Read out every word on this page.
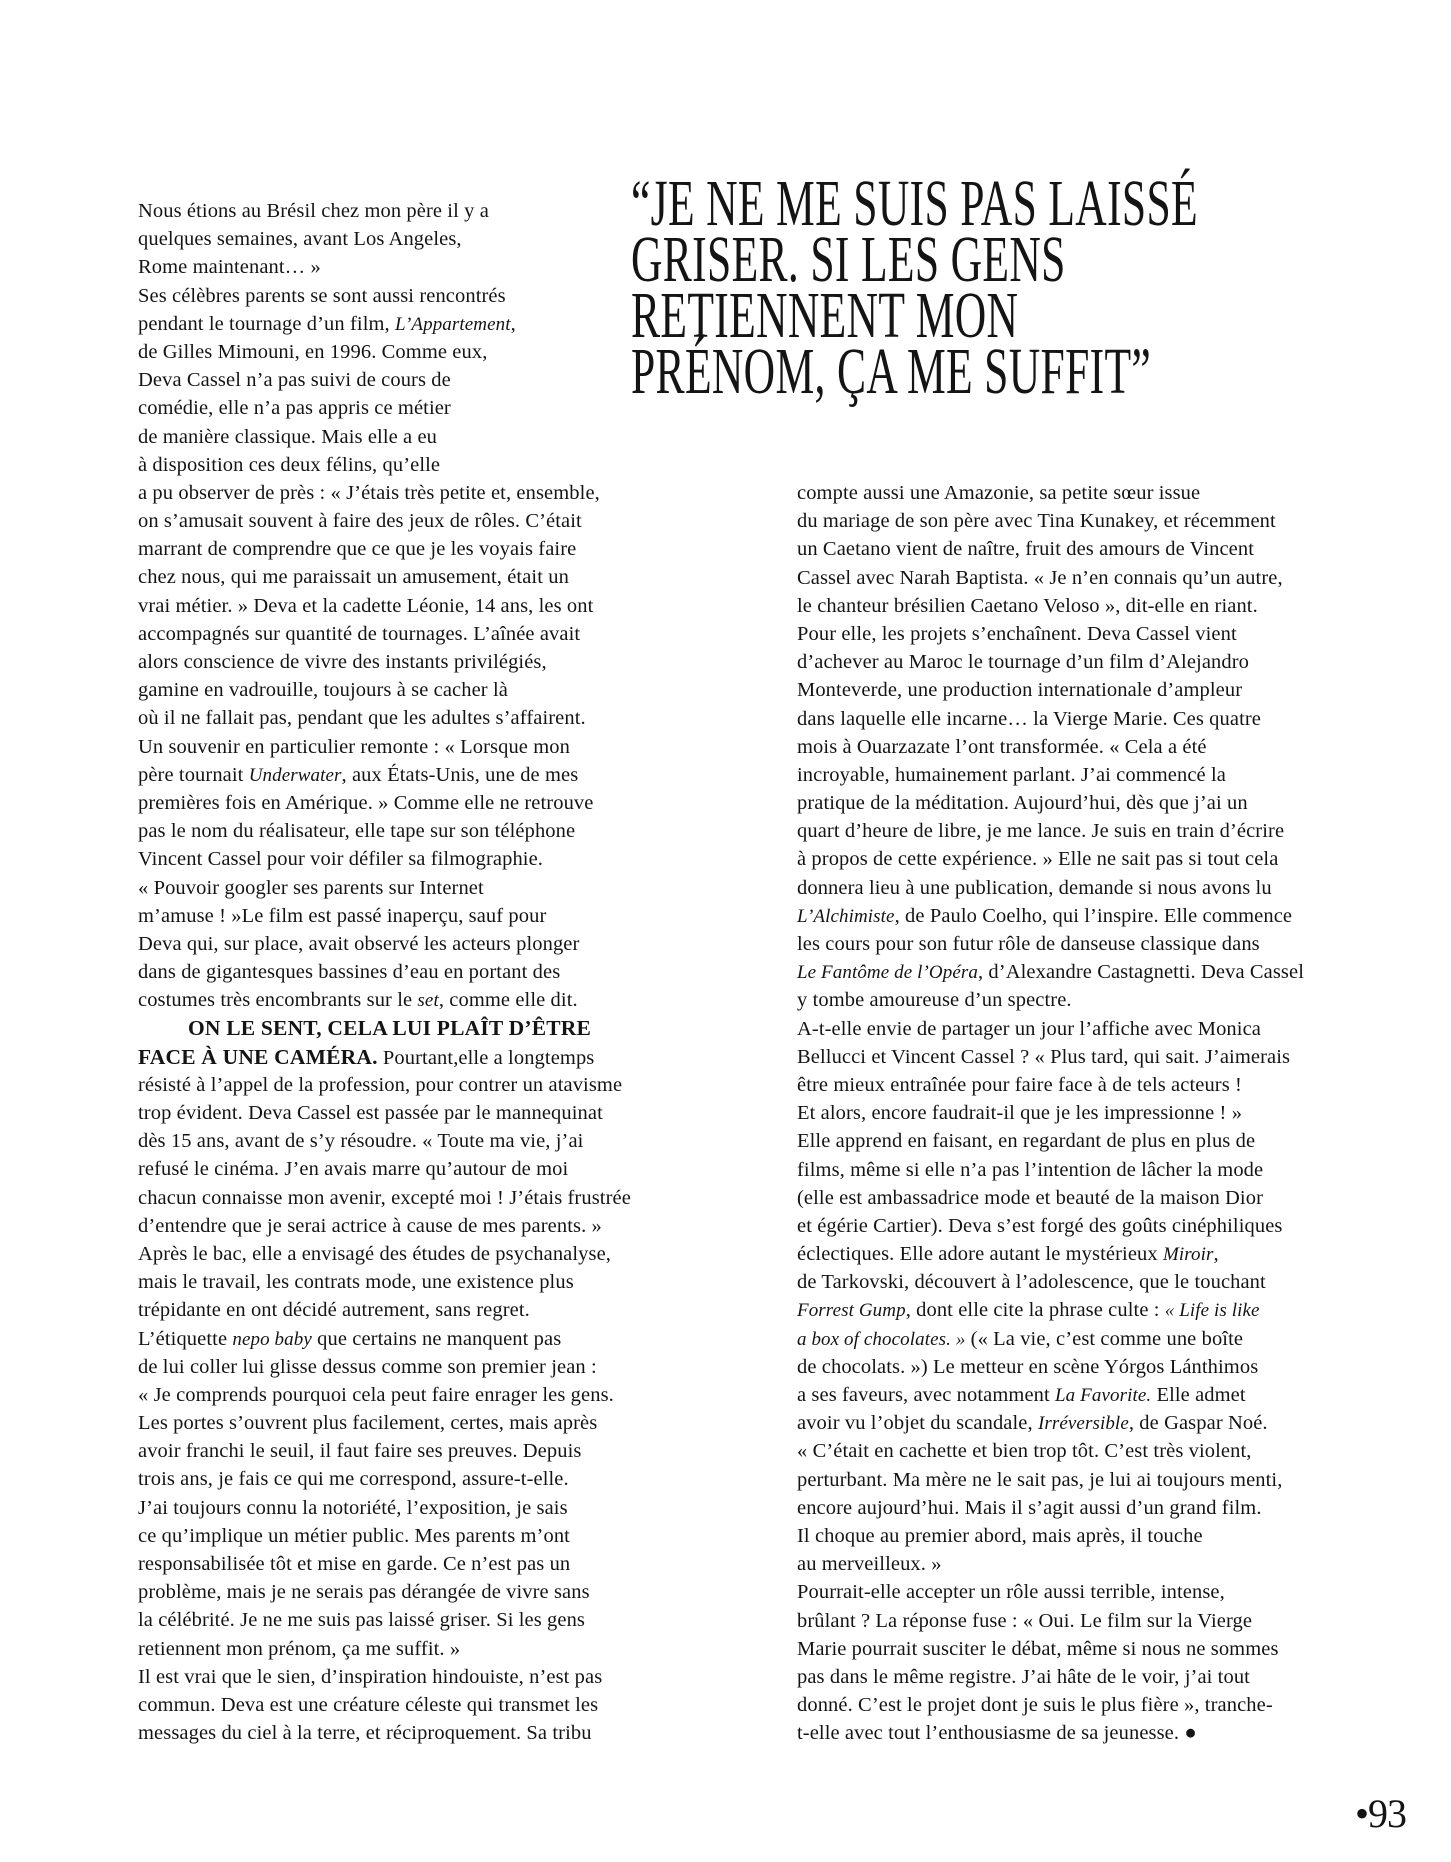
“JE NE ME SUIS PAS LAISSÉ
GRISER. SI LES GENS
RETIENNENT MON
PRÉNOM, ÇA ME SUFFIT”
Nous étions au Brésil chez mon père il y a
quelques semaines, avant Los Angeles,
Rome maintenant… »
Ses célèbres parents se sont aussi rencontrés
pendant le tournage d’un film, L’Appartement,
de Gilles Mimouni, en 1996. Comme eux,
Deva Cassel n’a pas suivi de cours de
comédie, elle n’a pas appris ce métier
de manière classique. Mais elle a eu
à disposition ces deux félins, qu’elle
a pu observer de près : « J’étais très petite et, ensemble,
on s’amusait souvent à faire des jeux de rôles. C’était
marrant de comprendre que ce que je les voyais faire
chez nous, qui me paraissait un amusement, était un
vrai métier. » Deva et la cadette Léonie, 14 ans, les ont
accompagnés sur quantité de tournages. L’aînée avait
alors conscience de vivre des instants privilégiés,
gamine en vadrouille, toujours à se cacher là
où il ne fallait pas, pendant que les adultes s’affairent.
Un souvenir en particulier remonte : « Lorsque mon
père tournait Underwater, aux États-Unis, une de mes
premières fois en Amérique. » Comme elle ne retrouve
pas le nom du réalisateur, elle tape sur son téléphone
Vincent Cassel pour voir défiler sa filmographie.
« Pouvoir googler ses parents sur Internet
m’amuse ! »Le film est passé inaperçu, sauf pour
Deva qui, sur place, avait observé les acteurs plonger
dans de gigantesques bassines d’eau en portant des
costumes très encombrants sur le set, comme elle dit.
ON LE SENT, CELA LUI PLAÎT D’ÊTRE
FACE À UNE CAMÉRA. Pourtant,elle a longtemps
résisté à l’appel de la profession, pour contrer un atavisme
trop évident. Deva Cassel est passée par le mannequinat
dès 15 ans, avant de s’y résoudre. « Toute ma vie, j’ai
refusé le cinéma. J’en avais marre qu’autour de moi
chacun connaisse mon avenir, excepté moi ! J’étais frustrée
d’entendre que je serai actrice à cause de mes parents. »
Après le bac, elle a envisagé des études de psychanalyse,
mais le travail, les contrats mode, une existence plus
trépidante en ont décidé autrement, sans regret.
L’étiquette nepo baby que certains ne manquent pas
de lui coller lui glisse dessus comme son premier jean :
« Je comprends pourquoi cela peut faire enrager les gens.
Les portes s’ouvrent plus facilement, certes, mais après
avoir franchi le seuil, il faut faire ses preuves. Depuis
trois ans, je fais ce qui me correspond, assure-t-elle.
J’ai toujours connu la notoriété, l’exposition, je sais
ce qu’implique un métier public. Mes parents m’ont
responsabilisée tôt et mise en garde. Ce n’est pas un
problème, mais je ne serais pas dérangée de vivre sans
la célébrité. Je ne me suis pas laissé griser. Si les gens
retiennent mon prénom, ça me suffit. »
Il est vrai que le sien, d’inspiration hindouiste, n’est pas
commun. Deva est une créature céleste qui transmet les
messages du ciel à la terre, et réciproquement. Sa tribu
compte aussi une Amazonie, sa petite sœur issue
du mariage de son père avec Tina Kunakey, et récemment
un Caetano vient de naître, fruit des amours de Vincent
Cassel avec Narah Baptista. « Je n’en connais qu’un autre,
le chanteur brésilien Caetano Veloso », dit-elle en riant.
Pour elle, les projets s’enchaînent. Deva Cassel vient
d’achever au Maroc le tournage d’un film d’Alejandro
Monteverde, une production internationale d’ampleur
dans laquelle elle incarne… la Vierge Marie. Ces quatre
mois à Ouarzazate l’ont transformée. « Cela a été
incroyable, humainement parlant. J’ai commencé la
pratique de la méditation. Aujourd’hui, dès que j’ai un
quart d’heure de libre, je me lance. Je suis en train d’écrire
à propos de cette expérience. » Elle ne sait pas si tout cela
donnera lieu à une publication, demande si nous avons lu
L’Alchimiste, de Paulo Coelho, qui l’inspire. Elle commence
les cours pour son futur rôle de danseuse classique dans
Le Fantôme de l’Opéra, d’Alexandre Castagnetti. Deva Cassel
y tombe amoureuse d’un spectre.
A-t-elle envie de partager un jour l’affiche avec Monica
Bellucci et Vincent Cassel ? « Plus tard, qui sait. J’aimerais
être mieux entraînée pour faire face à de tels acteurs !
Et alors, encore faudrait-il que je les impressionne ! »
Elle apprend en faisant, en regardant de plus en plus de
films, même si elle n’a pas l’intention de lâcher la mode
(elle est ambassadrice mode et beauté de la maison Dior
et égérie Cartier). Deva s’est forgé des goûts cinéphiliques
éclectiques. Elle adore autant le mystérieux Miroir,
de Tarkovski, découvert à l’adolescence, que le touchant
Forrest Gump, dont elle cite la phrase culte : « Life is like
a box of chocolates. » (« La vie, c’est comme une boîte
de chocolats. ») Le metteur en scène Yórgos Lánthimos
a ses faveurs, avec notamment La Favorite. Elle admet
avoir vu l’objet du scandale, Irréversible, de Gaspar Noé.
« C’était en cachette et bien trop tôt. C’est très violent,
perturbant. Ma mère ne le sait pas, je lui ai toujours menti,
encore aujourd’hui. Mais il s’agit aussi d’un grand film.
Il choque au premier abord, mais après, il touche
au merveilleux. »
Pourrait-elle accepter un rôle aussi terrible, intense,
brûlant ? La réponse fuse : « Oui. Le film sur la Vierge
Marie pourrait susciter le débat, même si nous ne sommes
pas dans le même registre. J’ai hâte de le voir, j’ai tout
donné. C’est le projet dont je suis le plus fière », tranche-
t-elle avec tout l’enthousiasme de sa jeunesse. ●
•93
